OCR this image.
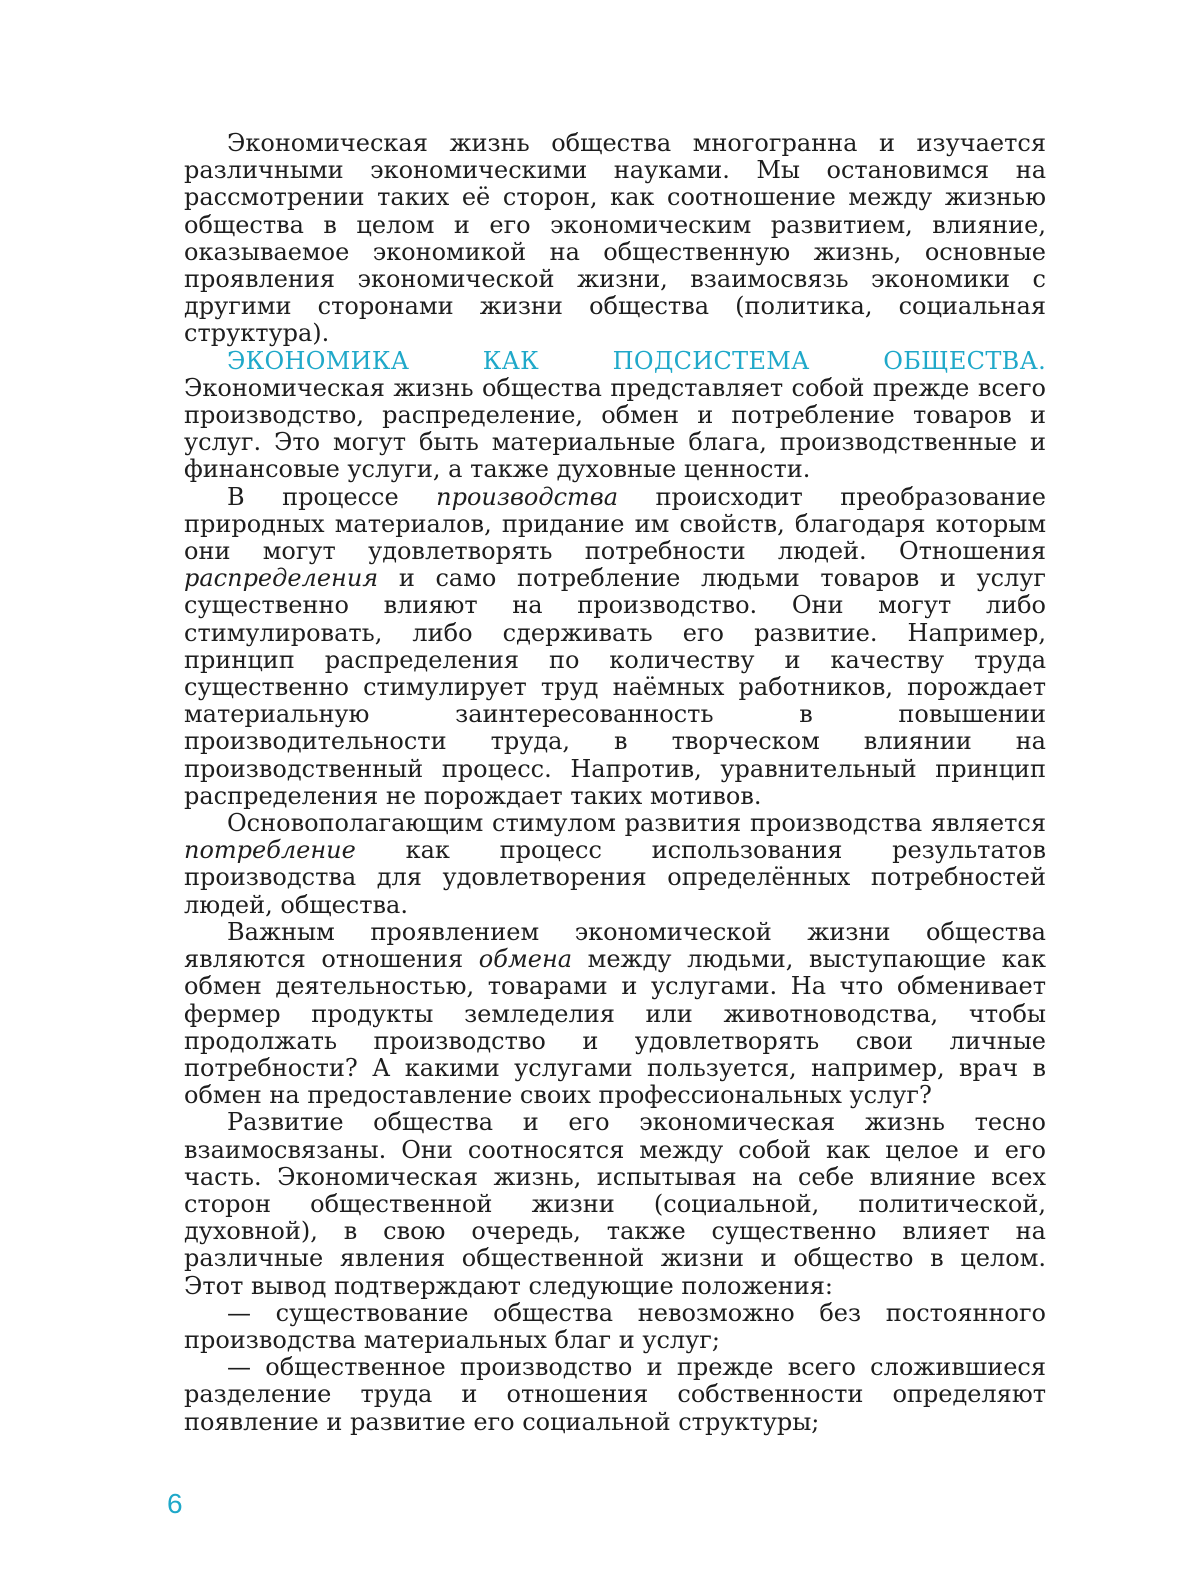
Экономическая жизнь общества многогранна и изучается различными экономическими науками. Мы остановимся на рассмотрении таких её сторон, как соотношение между жизнью общества в целом и его экономическим развитием, влияние, оказываемое экономикой на общественную жизнь, основные проявления экономической жизни, взаимосвязь экономики с другими сторонами жизни общества (политика, социальная структура).

ЭКОНОМИКА КАК ПОДСИСТЕМА ОБЩЕСТВА. Экономическая жизнь общества представляет собой прежде всего производство, распределение, обмен и потребление товаров и услуг. Это могут быть материальные блага, производственные и финансовые услуги, а также духовные ценности.

В процессе производства происходит преобразование природных материалов, придание им свойств, благодаря которым они могут удовлетворять потребности людей. Отношения распределения и само потребление людьми товаров и услуг существенно влияют на производство. Они могут либо стимулировать, либо сдерживать его развитие. Например, принцип распределения по количеству и качеству труда существенно стимулирует труд наёмных работников, порождает материальную заинтересованность в повышении производительности труда, в творческом влиянии на производственный процесс. Напротив, уравнительный принцип распределения не порождает таких мотивов.

Основополагающим стимулом развития производства является потребление как процесс использования результатов производства для удовлетворения определённых потребностей людей, общества.

Важным проявлением экономической жизни общества являются отношения обмена между людьми, выступающие как обмен деятельностью, товарами и услугами. На что обменивает фермер продукты земледелия или животноводства, чтобы продолжать производство и удовлетворять свои личные потребности? А какими услугами пользуется, например, врач в обмен на предоставление своих профессиональных услуг?

Развитие общества и его экономическая жизнь тесно взаимосвязаны. Они соотносятся между собой как целое и его часть. Экономическая жизнь, испытывая на себе влияние всех сторон общественной жизни (социальной, политической, духовной), в свою очередь, также существенно влияет на различные явления общественной жизни и общество в целом. Этот вывод подтверждают следующие положения:

— существование общества невозможно без постоянного производства материальных благ и услуг;

— общественное производство и прежде всего сложившиеся разделение труда и отношения собственности определяют появление и развитие его социальной структуры;

6
